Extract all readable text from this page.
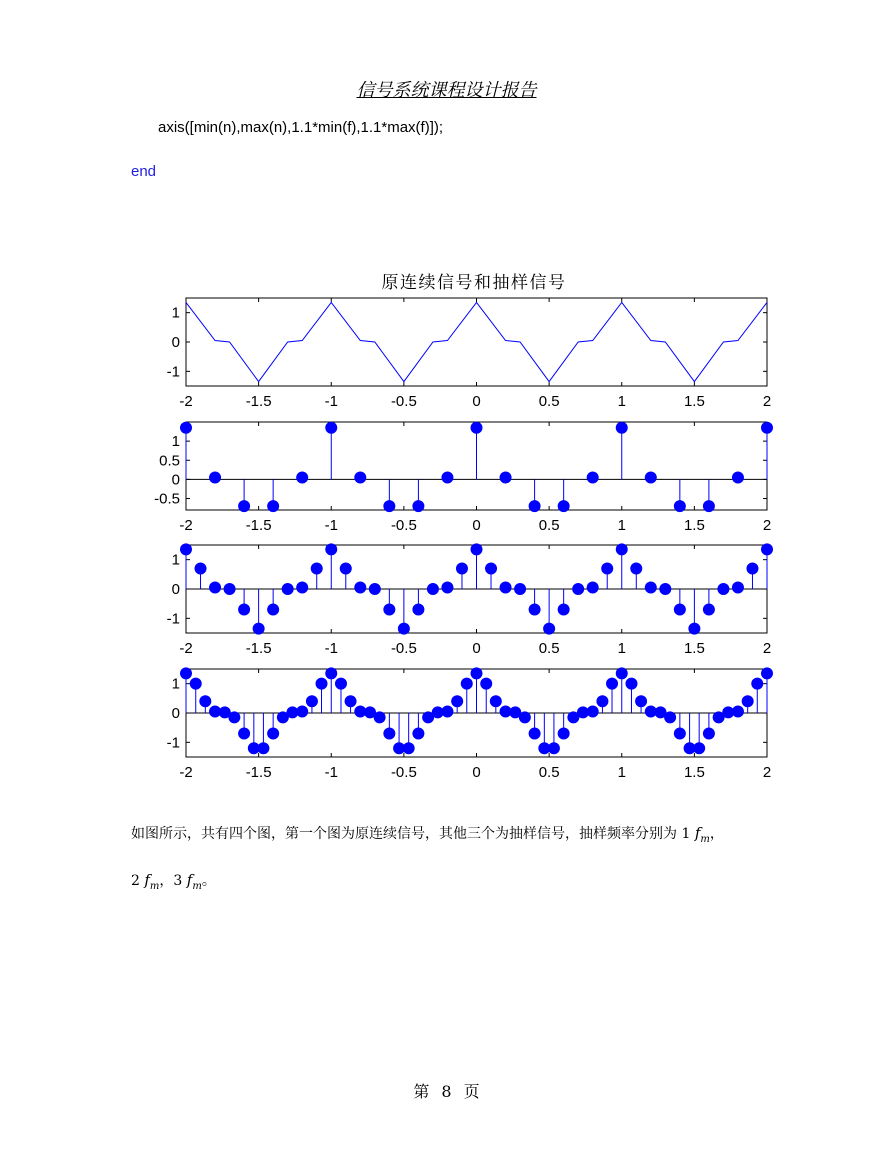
信号系统课程设计报告
axis([min(n),max(n),1.1*min(f),1.1*max(f)]);
end
原连续信号和抽样信号
-2	-1.5	-1	-0.5	0	0.5	1	1.5	2
1
0
-1
-2	-1.5	-1	-0.5	0	0.5	1	1.5	2
1
0.5
0
-0.5
-2	-1.5	-1	-0.5	0	0.5	1	1.5	2
1
0
-1
-2	-1.5	-1	-0.5	0	0.5	1	1.5	2
1
0
-1
如图所示，共有四个图，第一个图为原连续信号，其他三个为抽样信号，抽样频率分别为 1 $f_m$，
2 $f_m$，3 $f_m$。
第 8 页
